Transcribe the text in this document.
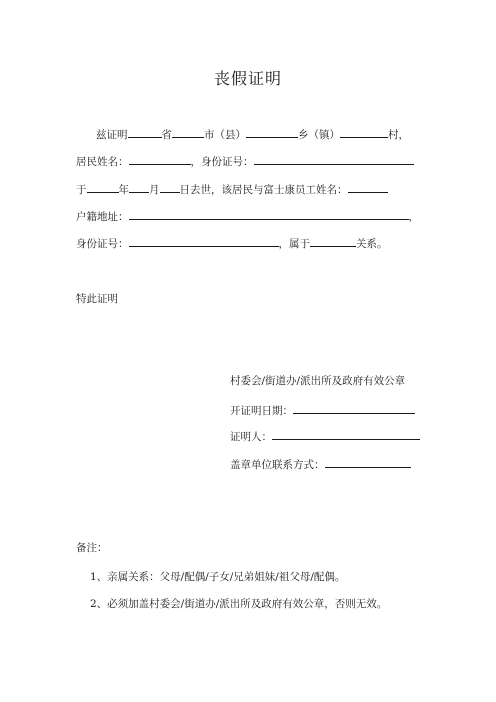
丧假证明
兹证明	省	市（县）	乡（镇）	村，
居民姓名：	，身份证号：
于	年 月 日去世，该居民与富士康员工姓名：
户籍地址：	，
身份证号：	，属于	关系。
特此证明
村委会/街道办/派出所及政府有效公章
开证明日期：
证明人：
盖章单位联系方式：
备注：
1、亲属关系：父母/配偶/子女/兄弟姐妹/祖父母/配偶。
2、必须加盖村委会/街道办/派出所及政府有效公章，否则无效。
